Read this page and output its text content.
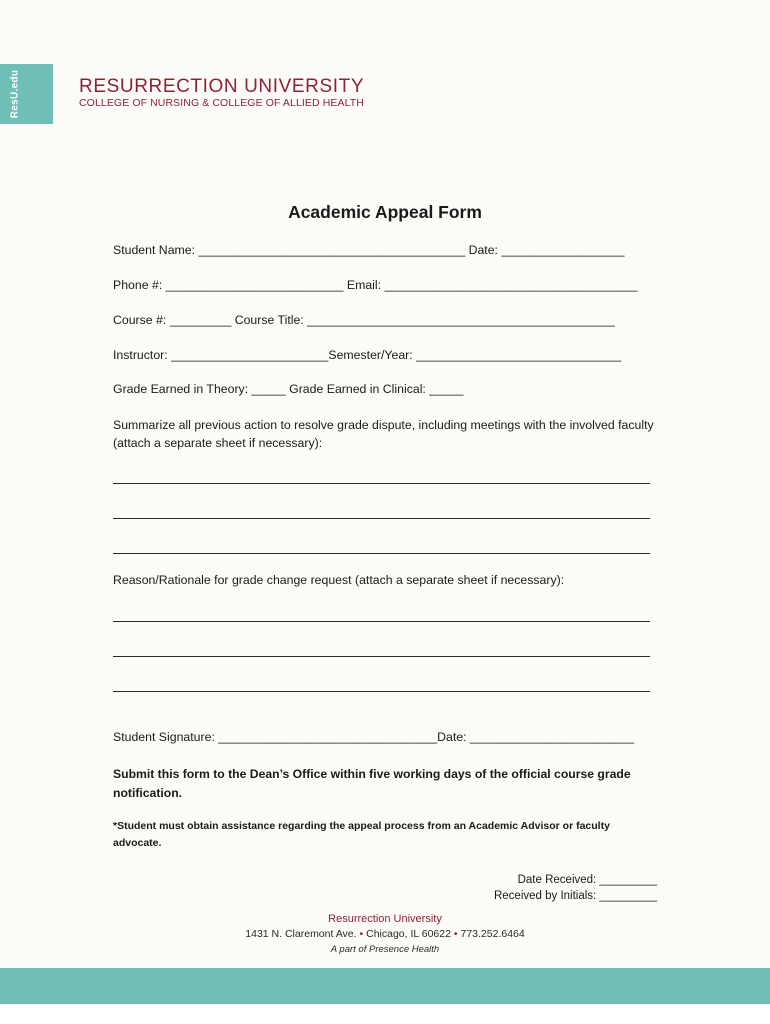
ResU.edu	RESURRECTION UNIVERSITY
COLLEGE OF NURSING & COLLEGE OF ALLIED HEALTH
Academic Appeal Form
Student Name: _______________________________________ Date: __________________
Phone #: __________________________ Email: _____________________________________
Course #: _________ Course Title: _____________________________________________
Instructor: _______________________Semester/Year: ______________________________
Grade Earned in Theory: _____ Grade Earned in Clinical: _____
Summarize all previous action to resolve grade dispute, including meetings with the involved faculty (attach a separate sheet if necessary):
Reason/Rationale for grade change request (attach a separate sheet if necessary):
Student Signature: ________________________________Date: ________________________
Submit this form to the Dean’s Office within five working days of the official course grade notification.
*Student must obtain assistance regarding the appeal process from an Academic Advisor or faculty advocate.
Date Received: _________
Received by Initials: _________
Resurrection University
1431 N. Claremont Ave. • Chicago, IL 60622 • 773.252.6464
A part of Presence Health
